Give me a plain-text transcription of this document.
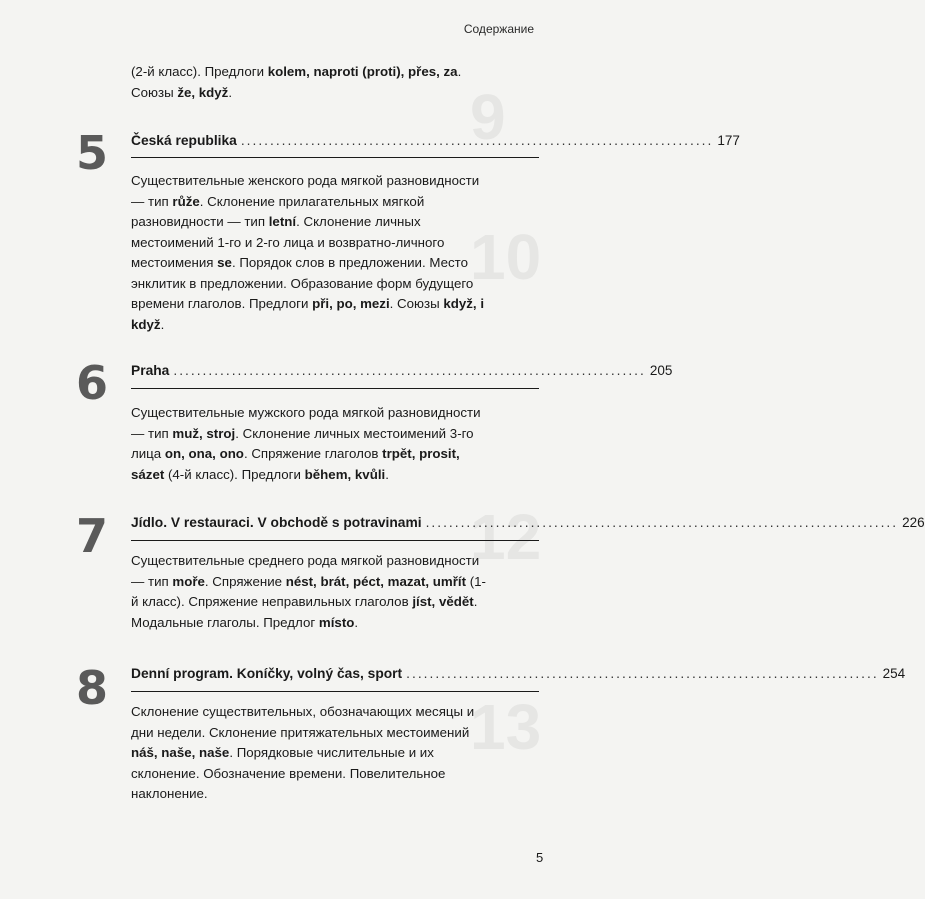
9
10
12
13
Содержание
(2-й класс). Предлоги kolem, naproti (proti), přes, za. Союзы že, když.
5 Česká republika ................................................................................. 177
Существительные женского рода мягкой разновидности — тип růže. Склонение прилагательных мягкой разновидности — тип letní. Склонение личных местоимений 1-го и 2-го лица и возвратно-личного местоимения se. Порядок слов в предложении. Место энклитик в предложении. Образование форм будущего времени глаголов. Предлоги při, po, mezi. Союзы když, i když.
6 Praha ................................................................................. 205
Существительные мужского рода мягкой разновидности — тип muž, stroj. Склонение личных местоимений 3-го лица on, ona, ono. Спряжение глаголов trpět, prosit, sázet (4-й класс). Предлоги během, kvůli.
7 Jídlo. V restauraci. V obchodě s potravinami ................................................................................. 226
Существительные среднего рода мягкой разновидности — тип moře. Спряжение nést, brát, péct, mazat, umřít (1-й класс). Спряжение неправильных глаголов jíst, vědět. Модальные глаголы. Предлог místo.
8 Denní program. Koníčky, volný čas, sport ................................................................................. 254
Склонение существительных, обозначающих месяцы и дни недели. Склонение притяжательных местоимений náš, naše, naše. Порядковые числительные и их склонение. Обозначение времени. Повелительное наклонение.
5
